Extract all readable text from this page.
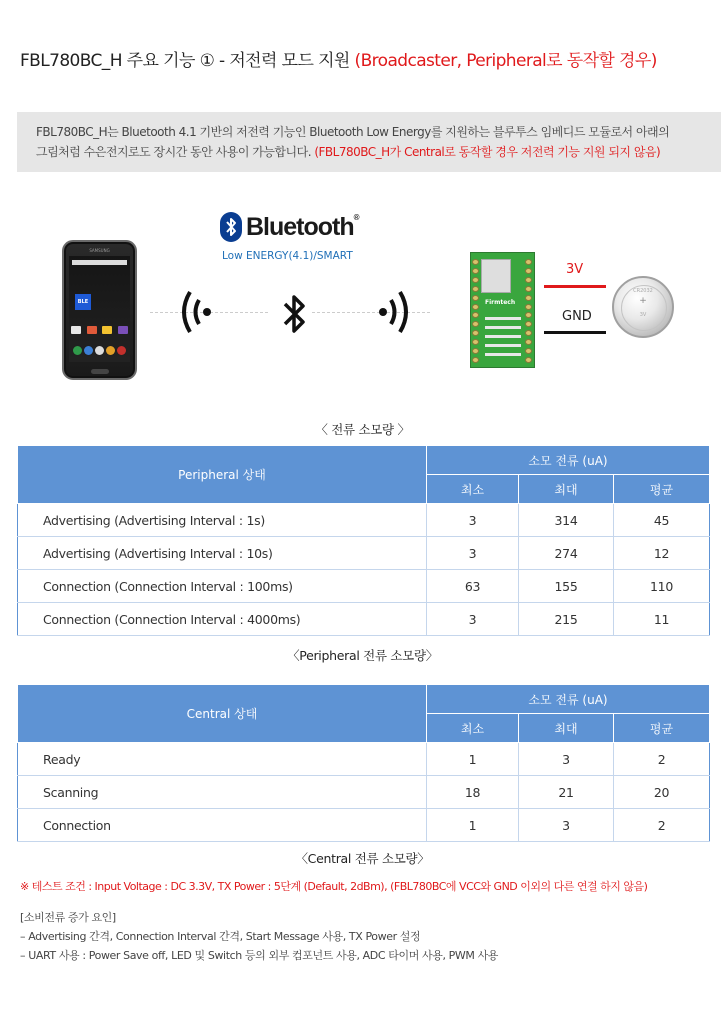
FBL780BC_H 주요 기능 ① - 저전력 모드 지원 (Broadcaster, Peripheral로 동작할 경우)
FBL780BC_H는 Bluetooth 4.1 기반의 저전력 기능인 Bluetooth Low Energy를 지원하는 블루투스 임베디드 모듈로서 아래의
그림처럼 수은전지로도 장시간 동안 사용이 가능합니다. (FBL780BC_H가 Central로 동작할 경우 저전력 기능 지원 되지 않음)
SAMSUNG
BLE
Bluetooth®
Low ENERGY(4.1)/SMART
Firmtech
3V
GND
CR2032
+
3V
〈 전류 소모량 〉
Peripheral 상태	소모 전류 (uA)		
	최소	최대	평균
Advertising (Advertising Interval : 1s)	3	314	45
Advertising (Advertising Interval : 10s)	3	274	12
Connection (Connection Interval : 100ms)	63	155	110
Connection (Connection Interval : 4000ms)	3	215	11
〈Peripheral 전류 소모량〉
Central 상태	소모 전류 (uA)		
	최소	최대	평균
Ready	1	3	2
Scanning	18	21	20
Connection	1	3	2
〈Central 전류 소모량〉
※ 테스트 조건 : Input Voltage : DC 3.3V, TX Power : 5단계 (Default, 2dBm), (FBL780BC에 VCC와 GND 이외의 다른 연결 하지 않음)
[소비전류 증가 요인]
– Advertising 간격, Connection Interval 간격, Start Message 사용, TX Power 설정
– UART 사용 : Power Save off, LED 및 Switch 등의 외부 컴포넌트 사용, ADC 타이머 사용, PWM 사용
